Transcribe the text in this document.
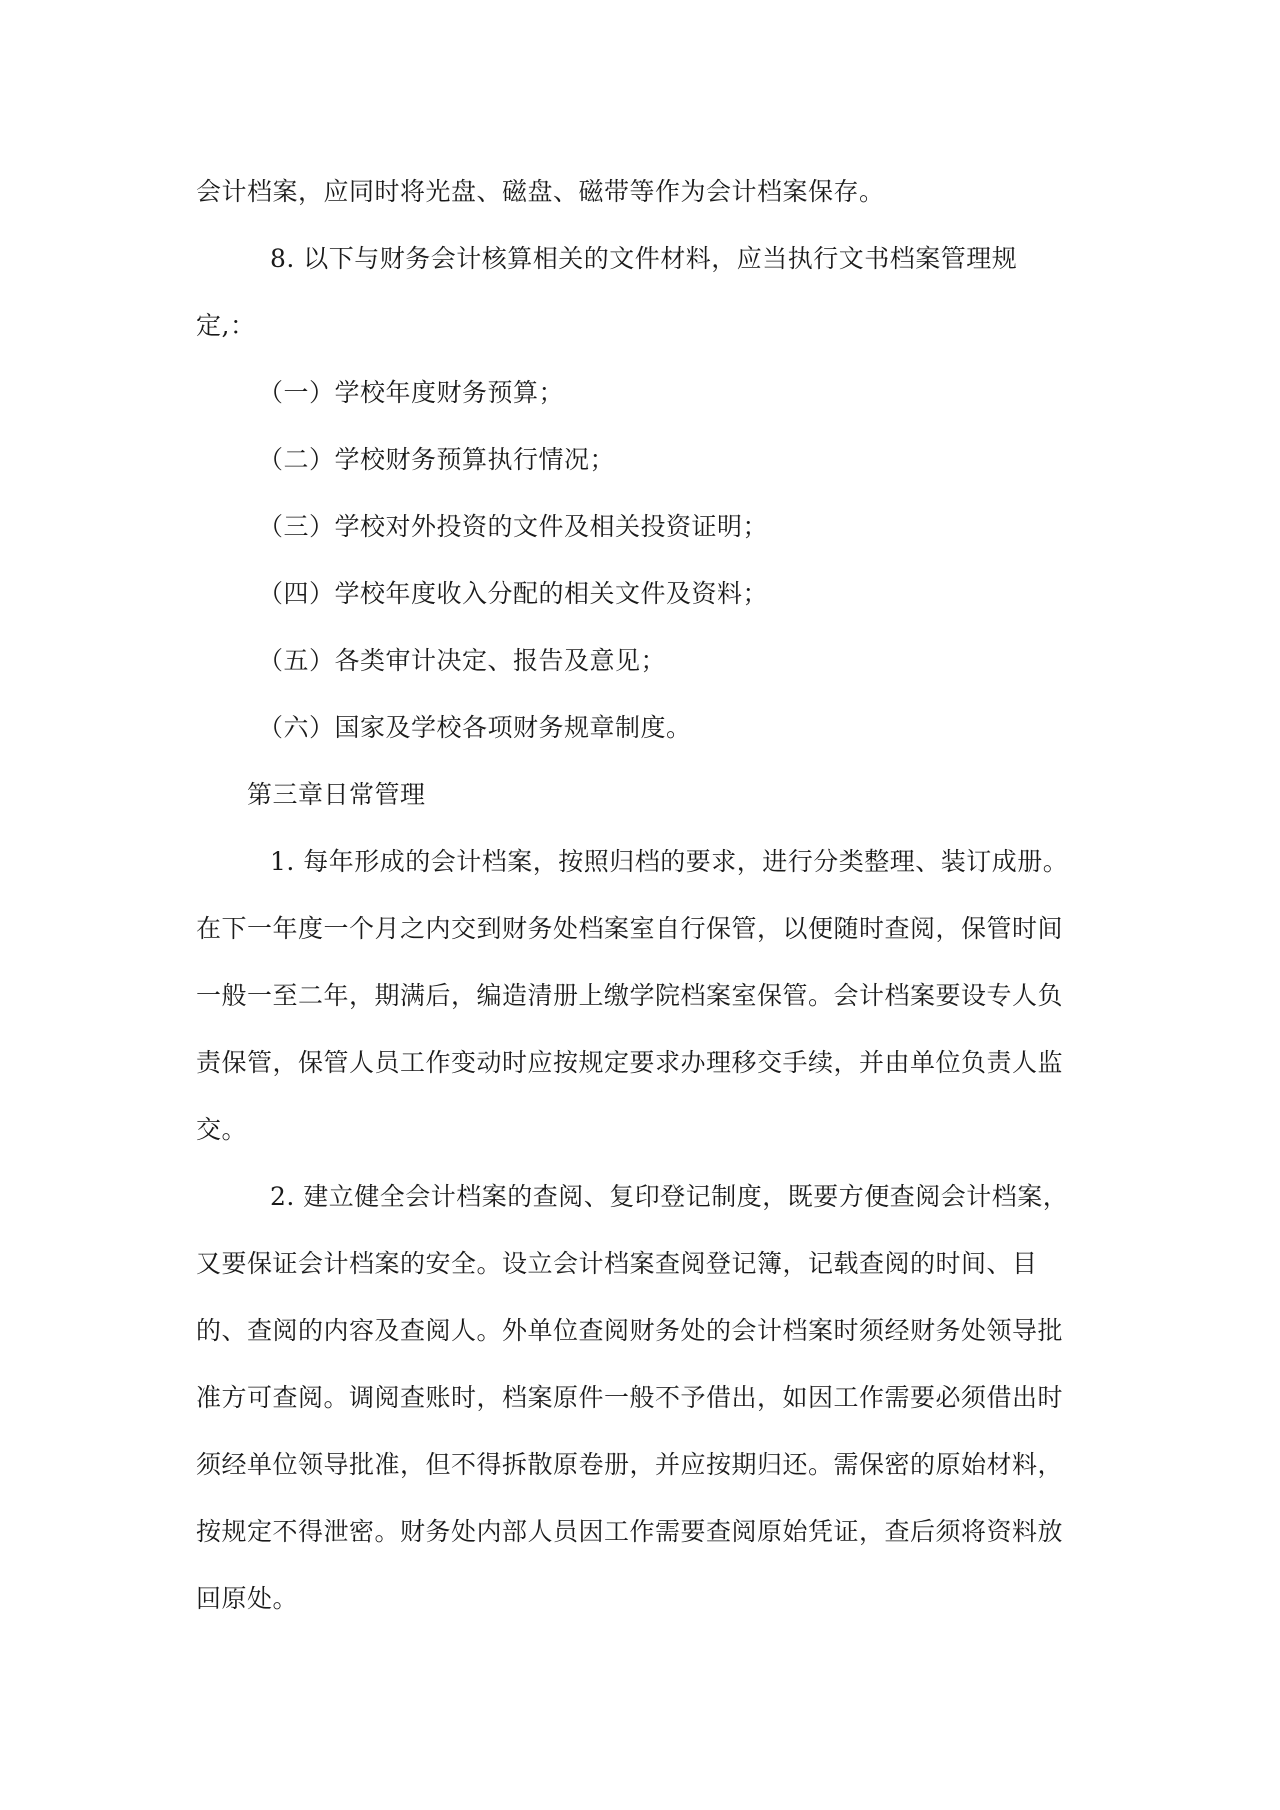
会计档案，应同时将光盘、磁盘、磁带等作为会计档案保存。
8. 以下与财务会计核算相关的文件材料，应当执行文书档案管理规
定,：
（一）学校年度财务预算；
（二）学校财务预算执行情况；
（三）学校对外投资的文件及相关投资证明；
（四）学校年度收入分配的相关文件及资料；
（五）各类审计决定、报告及意见；
（六）国家及学校各项财务规章制度。
第三章日常管理
1. 每年形成的会计档案，按照归档的要求，进行分类整理、装订成册。
在下一年度一个月之内交到财务处档案室自行保管，以便随时查阅，保管时间
一般一至二年，期满后，编造清册上缴学院档案室保管。会计档案要设专人负
责保管，保管人员工作变动时应按规定要求办理移交手续，并由单位负责人监
交。
2. 建立健全会计档案的查阅、复印登记制度，既要方便查阅会计档案，
又要保证会计档案的安全。设立会计档案查阅登记簿，记载查阅的时间、目
的、查阅的内容及查阅人。外单位查阅财务处的会计档案时须经财务处领导批
准方可查阅。调阅查账时，档案原件一般不予借出，如因工作需要必须借出时
须经单位领导批准，但不得拆散原卷册，并应按期归还。需保密的原始材料，
按规定不得泄密。财务处内部人员因工作需要查阅原始凭证，查后须将资料放
回原处。
